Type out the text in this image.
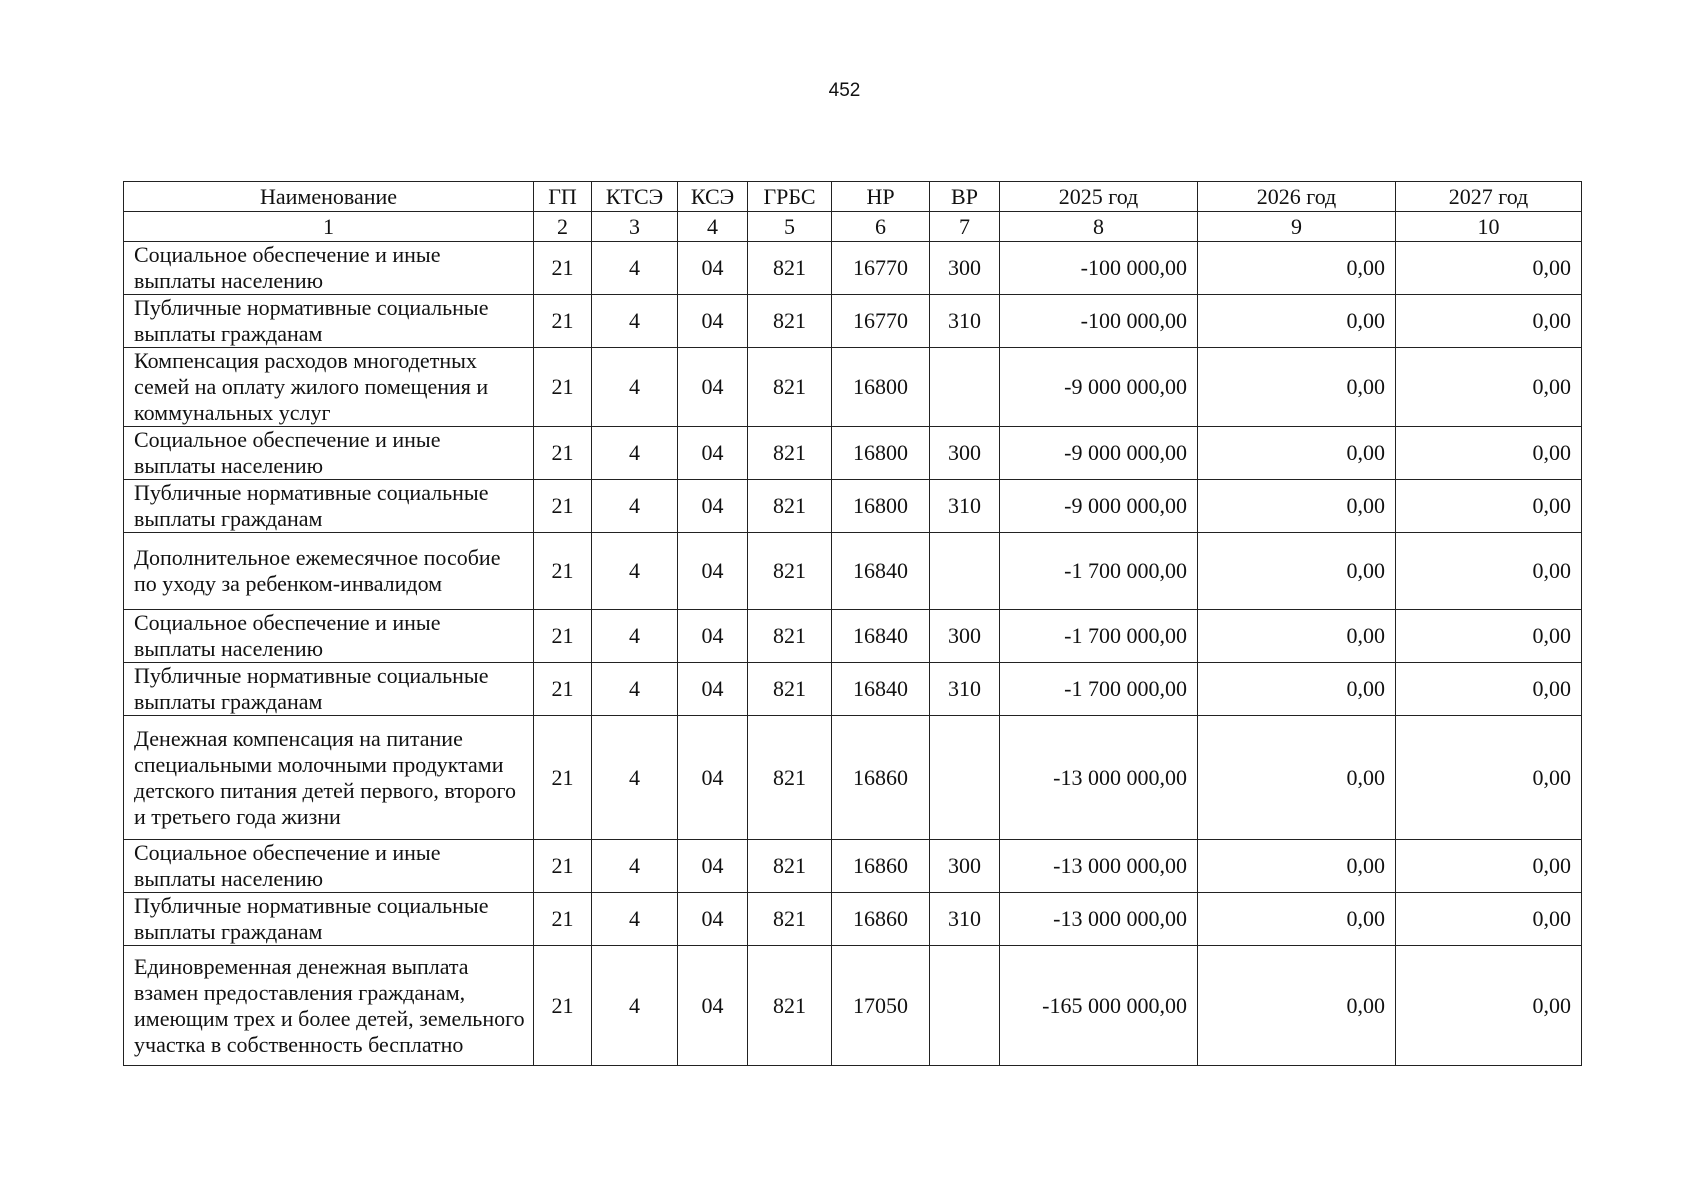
452
Наименование	ГП	КТСЭ	КСЭ	ГРБС	НР	ВР	2025 год	2026 год	2027 год
1	2	3	4	5	6	7	8	9	10
Социальное обеспечение и иные выплаты населению	21	4	04	821	16770	300	-100 000,00	0,00	0,00
Публичные нормативные социальные выплаты гражданам	21	4	04	821	16770	310	-100 000,00	0,00	0,00
Компенсация расходов многодетных семей на оплату жилого помещения и коммунальных услуг	21	4	04	821	16800		-9 000 000,00	0,00	0,00
Социальное обеспечение и иные выплаты населению	21	4	04	821	16800	300	-9 000 000,00	0,00	0,00
Публичные нормативные социальные выплаты гражданам	21	4	04	821	16800	310	-9 000 000,00	0,00	0,00
Дополнительное ежемесячное пособие по уходу за ребенком-инвалидом	21	4	04	821	16840		-1 700 000,00	0,00	0,00
Социальное обеспечение и иные выплаты населению	21	4	04	821	16840	300	-1 700 000,00	0,00	0,00
Публичные нормативные социальные выплаты гражданам	21	4	04	821	16840	310	-1 700 000,00	0,00	0,00
Денежная компенсация на питание специальными молочными продуктами детского питания детей первого, второго и третьего года жизни	21	4	04	821	16860		-13 000 000,00	0,00	0,00
Социальное обеспечение и иные выплаты населению	21	4	04	821	16860	300	-13 000 000,00	0,00	0,00
Публичные нормативные социальные выплаты гражданам	21	4	04	821	16860	310	-13 000 000,00	0,00	0,00
Единовременная денежная выплата взамен предоставления гражданам, имеющим трех и более детей, земельного участка в собственность бесплатно	21	4	04	821	17050		-165 000 000,00	0,00	0,00
